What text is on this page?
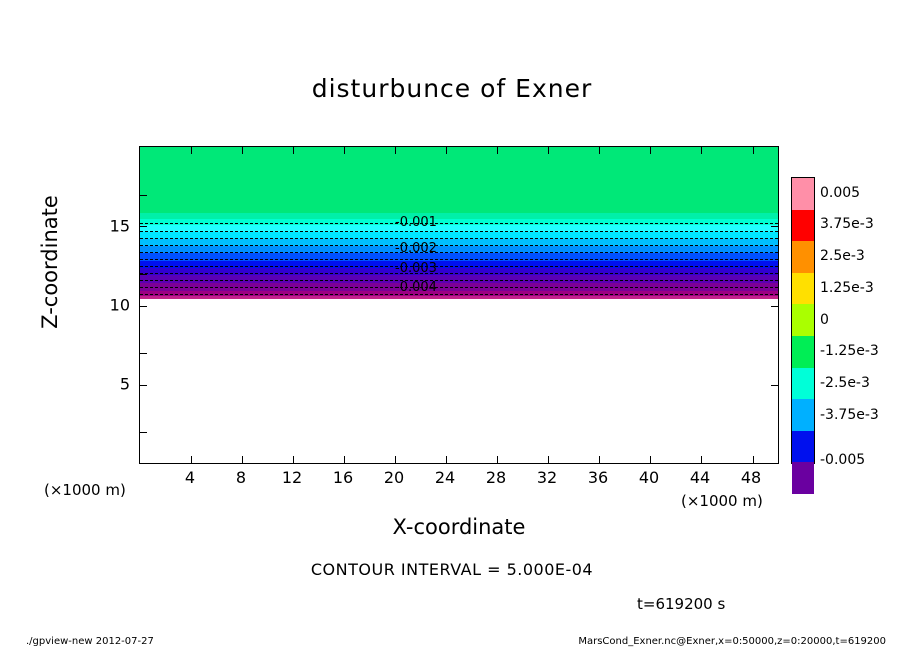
disturbunce of Exner
-0.001
-0.002
-0.003
-0.004
4	8 12 16 20 24 28 32 36 40 44 48
5
10
15
Z-coordinate
X-coordinate
(×1000 m)
(×1000 m)
0.005
3.75e-3
2.5e-3
1.25e-3
0
-1.25e-3
-2.5e-3
-3.75e-3
-0.005
CONTOUR INTERVAL = 5.000E-04
t=619200 s
./gpview-new 2012-07-27	MarsCond_Exner.nc@Exner,x=0:50000,z=0:20000,t=619200
